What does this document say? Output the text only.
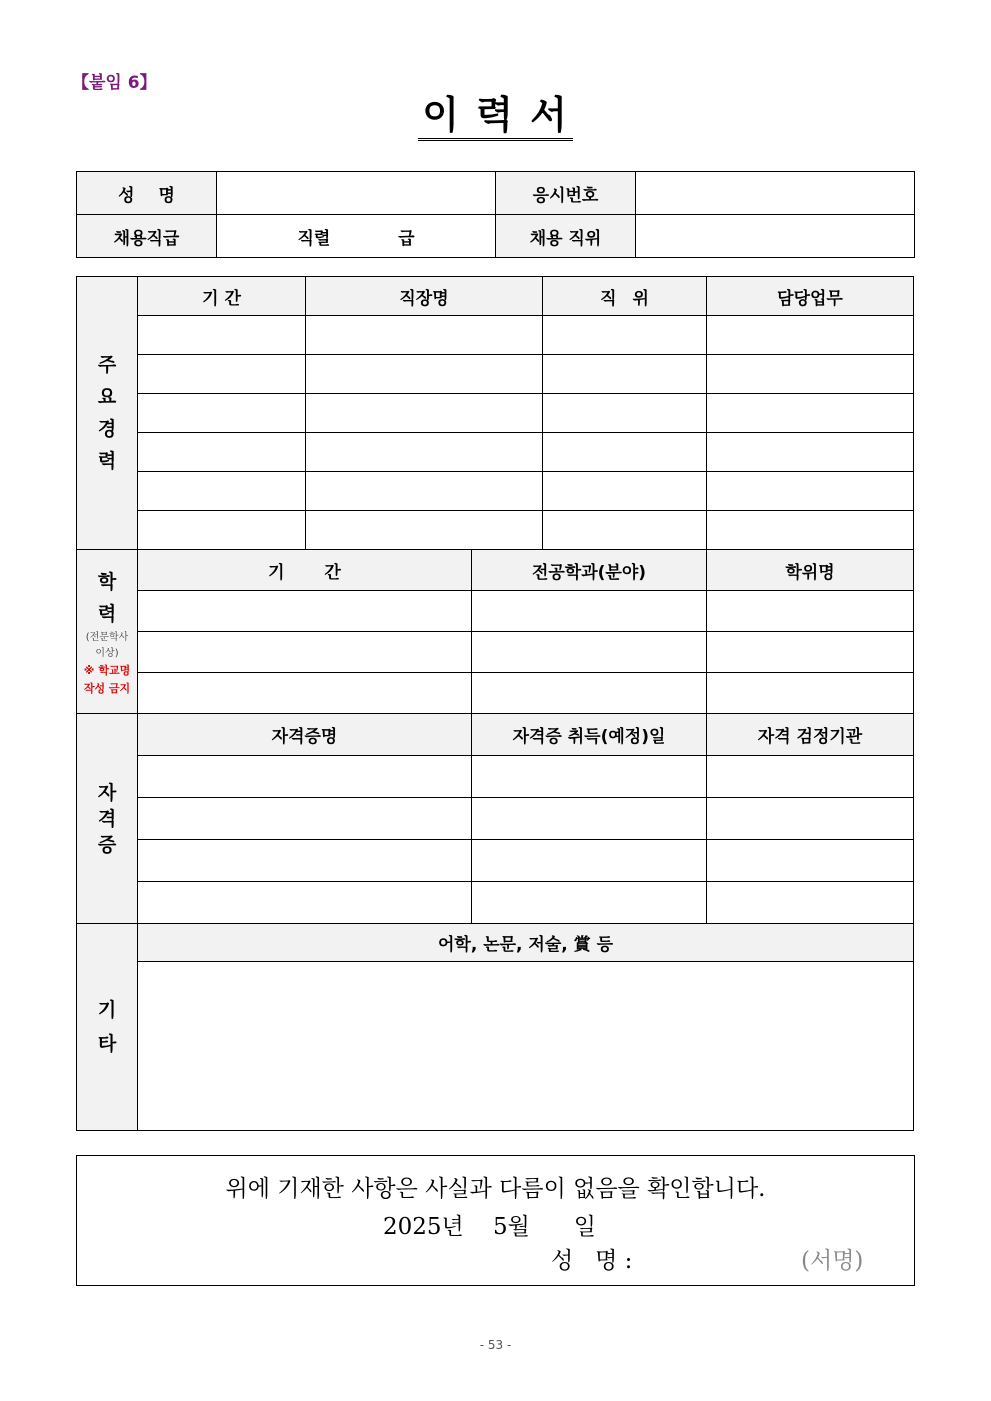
【붙임 6】
이 력 서
성 명		응시번호	
채용직급	직렬  급	채용 직위	
주요경력	기 간	직장명		직 위	담당업무

학력
(전문학사 이상)
※ 학교명 작성 금지	기  간		전공학과(분야)		학위명

자격증	자격증명		자격증 취득(예정)일		자격 검정기관

기타	어학, 논문, 저술, 賞 등				

위에 기재한 사항은 사실과 다름이 없음을 확인합니다.
2025년    5월      일
성   명 :	(서명)
- 53 -
